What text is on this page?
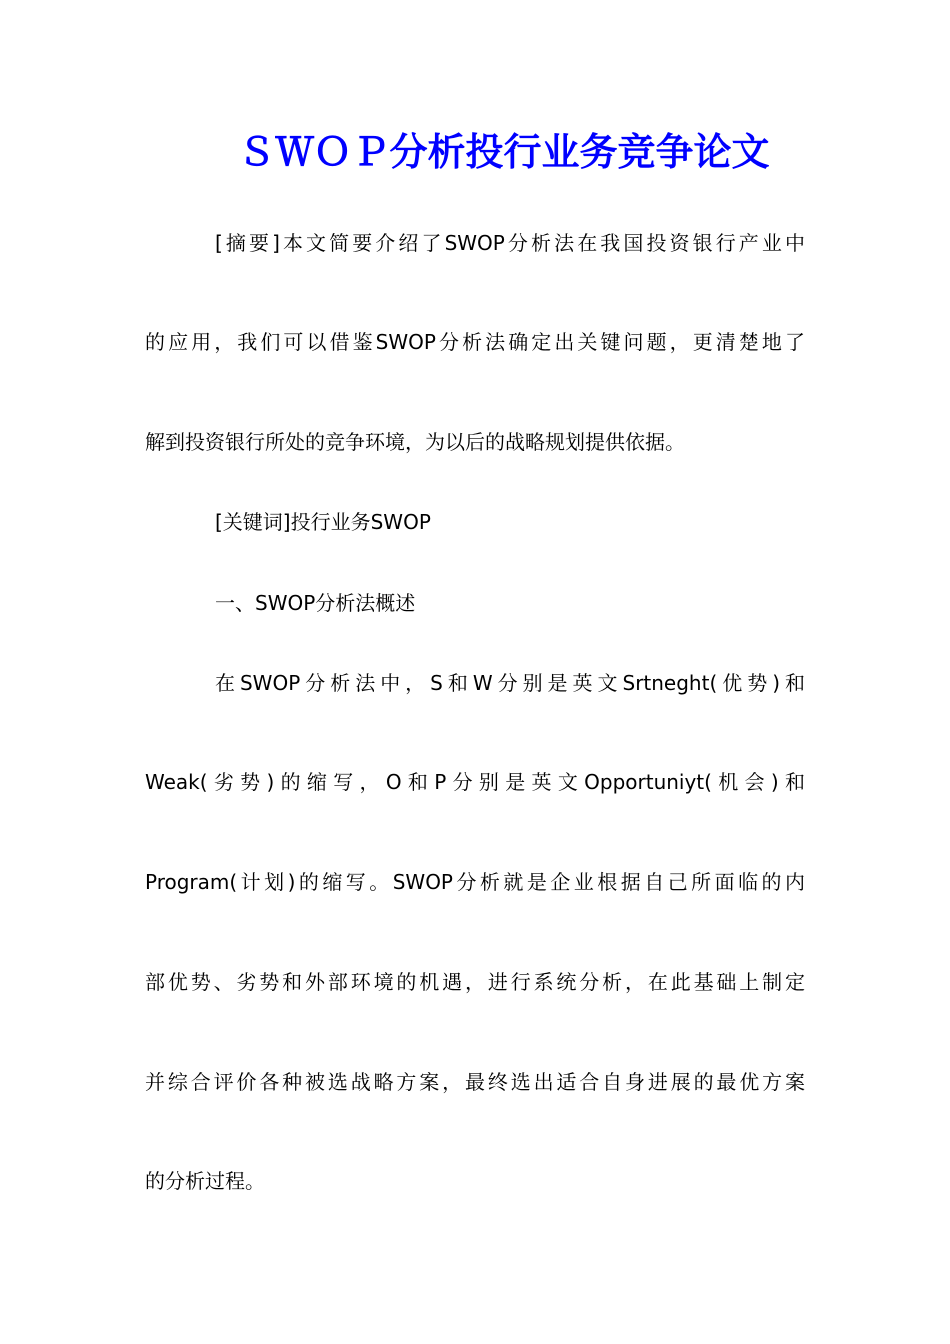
ＳＷＯＰ分析投行业务竞争论文

[摘要]本文简要介绍了SWOP分析法在我国投资银行产业中

的应用，我们可以借鉴SWOP分析法确定出关键问题，更清楚地了

解到投资银行所处的竞争环境，为以后的战略规划提供依据。

[关键词]投行业务SWOP

一、SWOP分析法概述

在SWOP分析法中，S和W分别是英文Srtneght(优势)和

Weak(劣势)的缩写，O和P分别是英文Opportuniyt(机会)和

Program(计划)的缩写。SWOP分析就是企业根据自己所面临的内

部优势、劣势和外部环境的机遇，进行系统分析，在此基础上制定

并综合评价各种被选战略方案，最终选出适合自身进展的最优方案

的分析过程。
